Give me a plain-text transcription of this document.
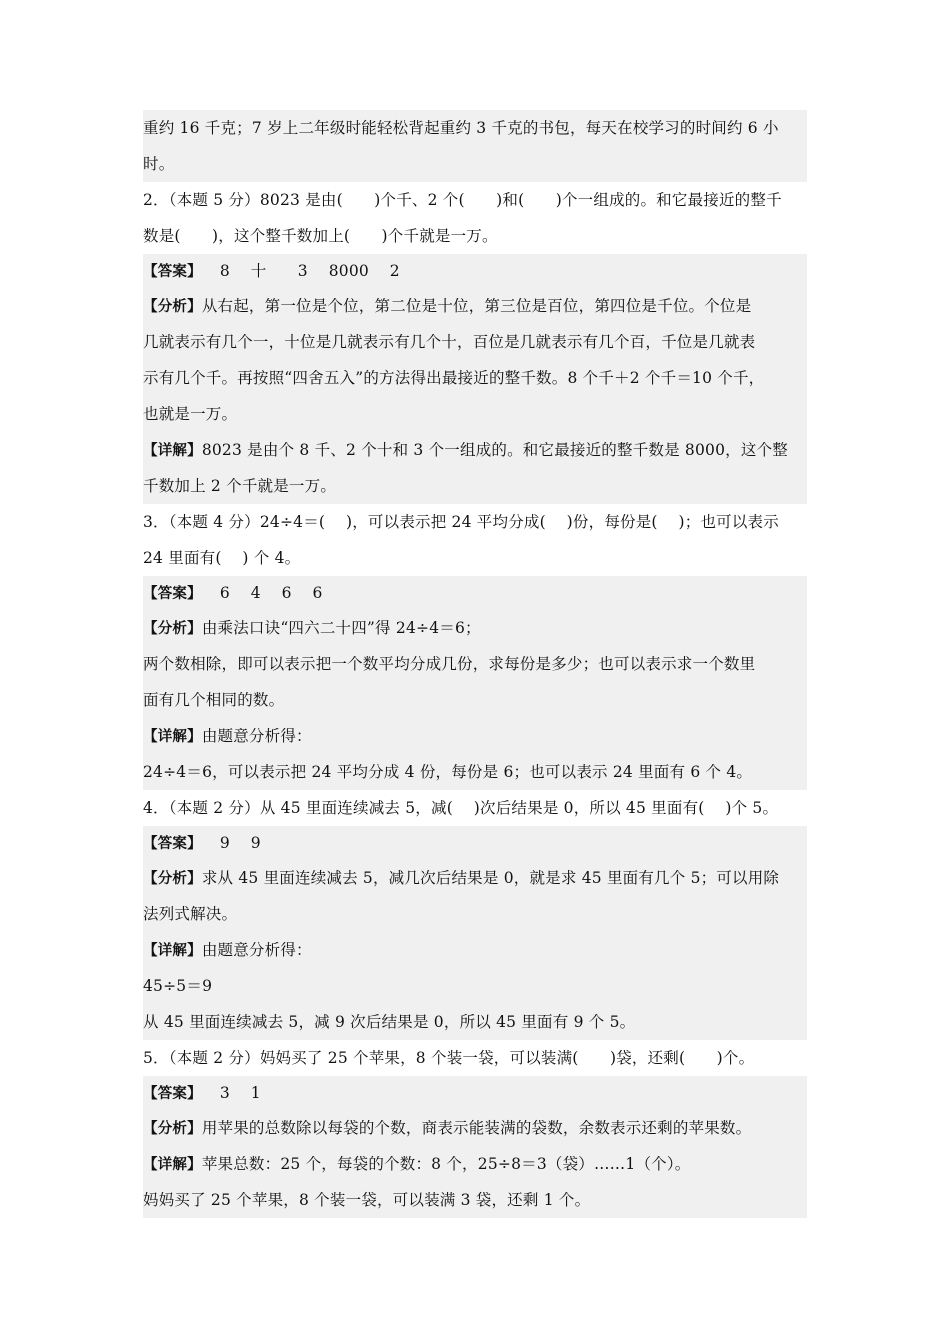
重约 16 千克；7 岁上二年级时能轻松背起重约 3 千克的书包，每天在校学习的时间约 6 小
时。
2．（本题 5 分）8023 是由(　　)个千、2 个(　　)和(　　)个一组成的。和它最接近的整千
数是(　　)，这个整千数加上(　　)个千就是一万。
【答案】 8　 十　　3　 8000　 2
【分析】从右起，第一位是个位，第二位是十位，第三位是百位，第四位是千位。个位是
几就表示有几个一，十位是几就表示有几个十，百位是几就表示有几个百，千位是几就表
示有几个千。再按照“四舍五入”的方法得出最接近的整千数。8 个千＋2 个千＝10 个千，
也就是一万。
【详解】8023 是由个 8 千、2 个十和 3 个一组成的。和它最接近的整千数是 8000，这个整
千数加上 2 个千就是一万。
3．（本题 4 分）24÷4＝(　 )，可以表示把 24 平均分成(　 )份，每份是(　 )；也可以表示
24 里面有(　 ) 个 4。
【答案】 6　 4　 6　 6
【分析】由乘法口诀“四六二十四”得 24÷4＝6；
两个数相除，即可以表示把一个数平均分成几份，求每份是多少；也可以表示求一个数里
面有几个相同的数。
【详解】由题意分析得：
24÷4＝6，可以表示把 24 平均分成 4 份，每份是 6；也可以表示 24 里面有 6 个 4。
4．（本题 2 分）从 45 里面连续减去 5，减(　 )次后结果是 0，所以 45 里面有(　 )个 5。
【答案】 9　 9
【分析】求从 45 里面连续减去 5，减几次后结果是 0，就是求 45 里面有几个 5；可以用除
法列式解决。
【详解】由题意分析得：
45÷5＝9
从 45 里面连续减去 5，减 9 次后结果是 0，所以 45 里面有 9 个 5。
5．（本题 2 分）妈妈买了 25 个苹果，8 个装一袋，可以装满(　　)袋，还剩(　　)个。
【答案】 3　 1
【分析】用苹果的总数除以每袋的个数，商表示能装满的袋数，余数表示还剩的苹果数。
【详解】苹果总数：25 个，每袋的个数：8 个，25÷8＝3（袋）……1（个）。
妈妈买了 25 个苹果，8 个装一袋，可以装满 3 袋，还剩 1 个。
